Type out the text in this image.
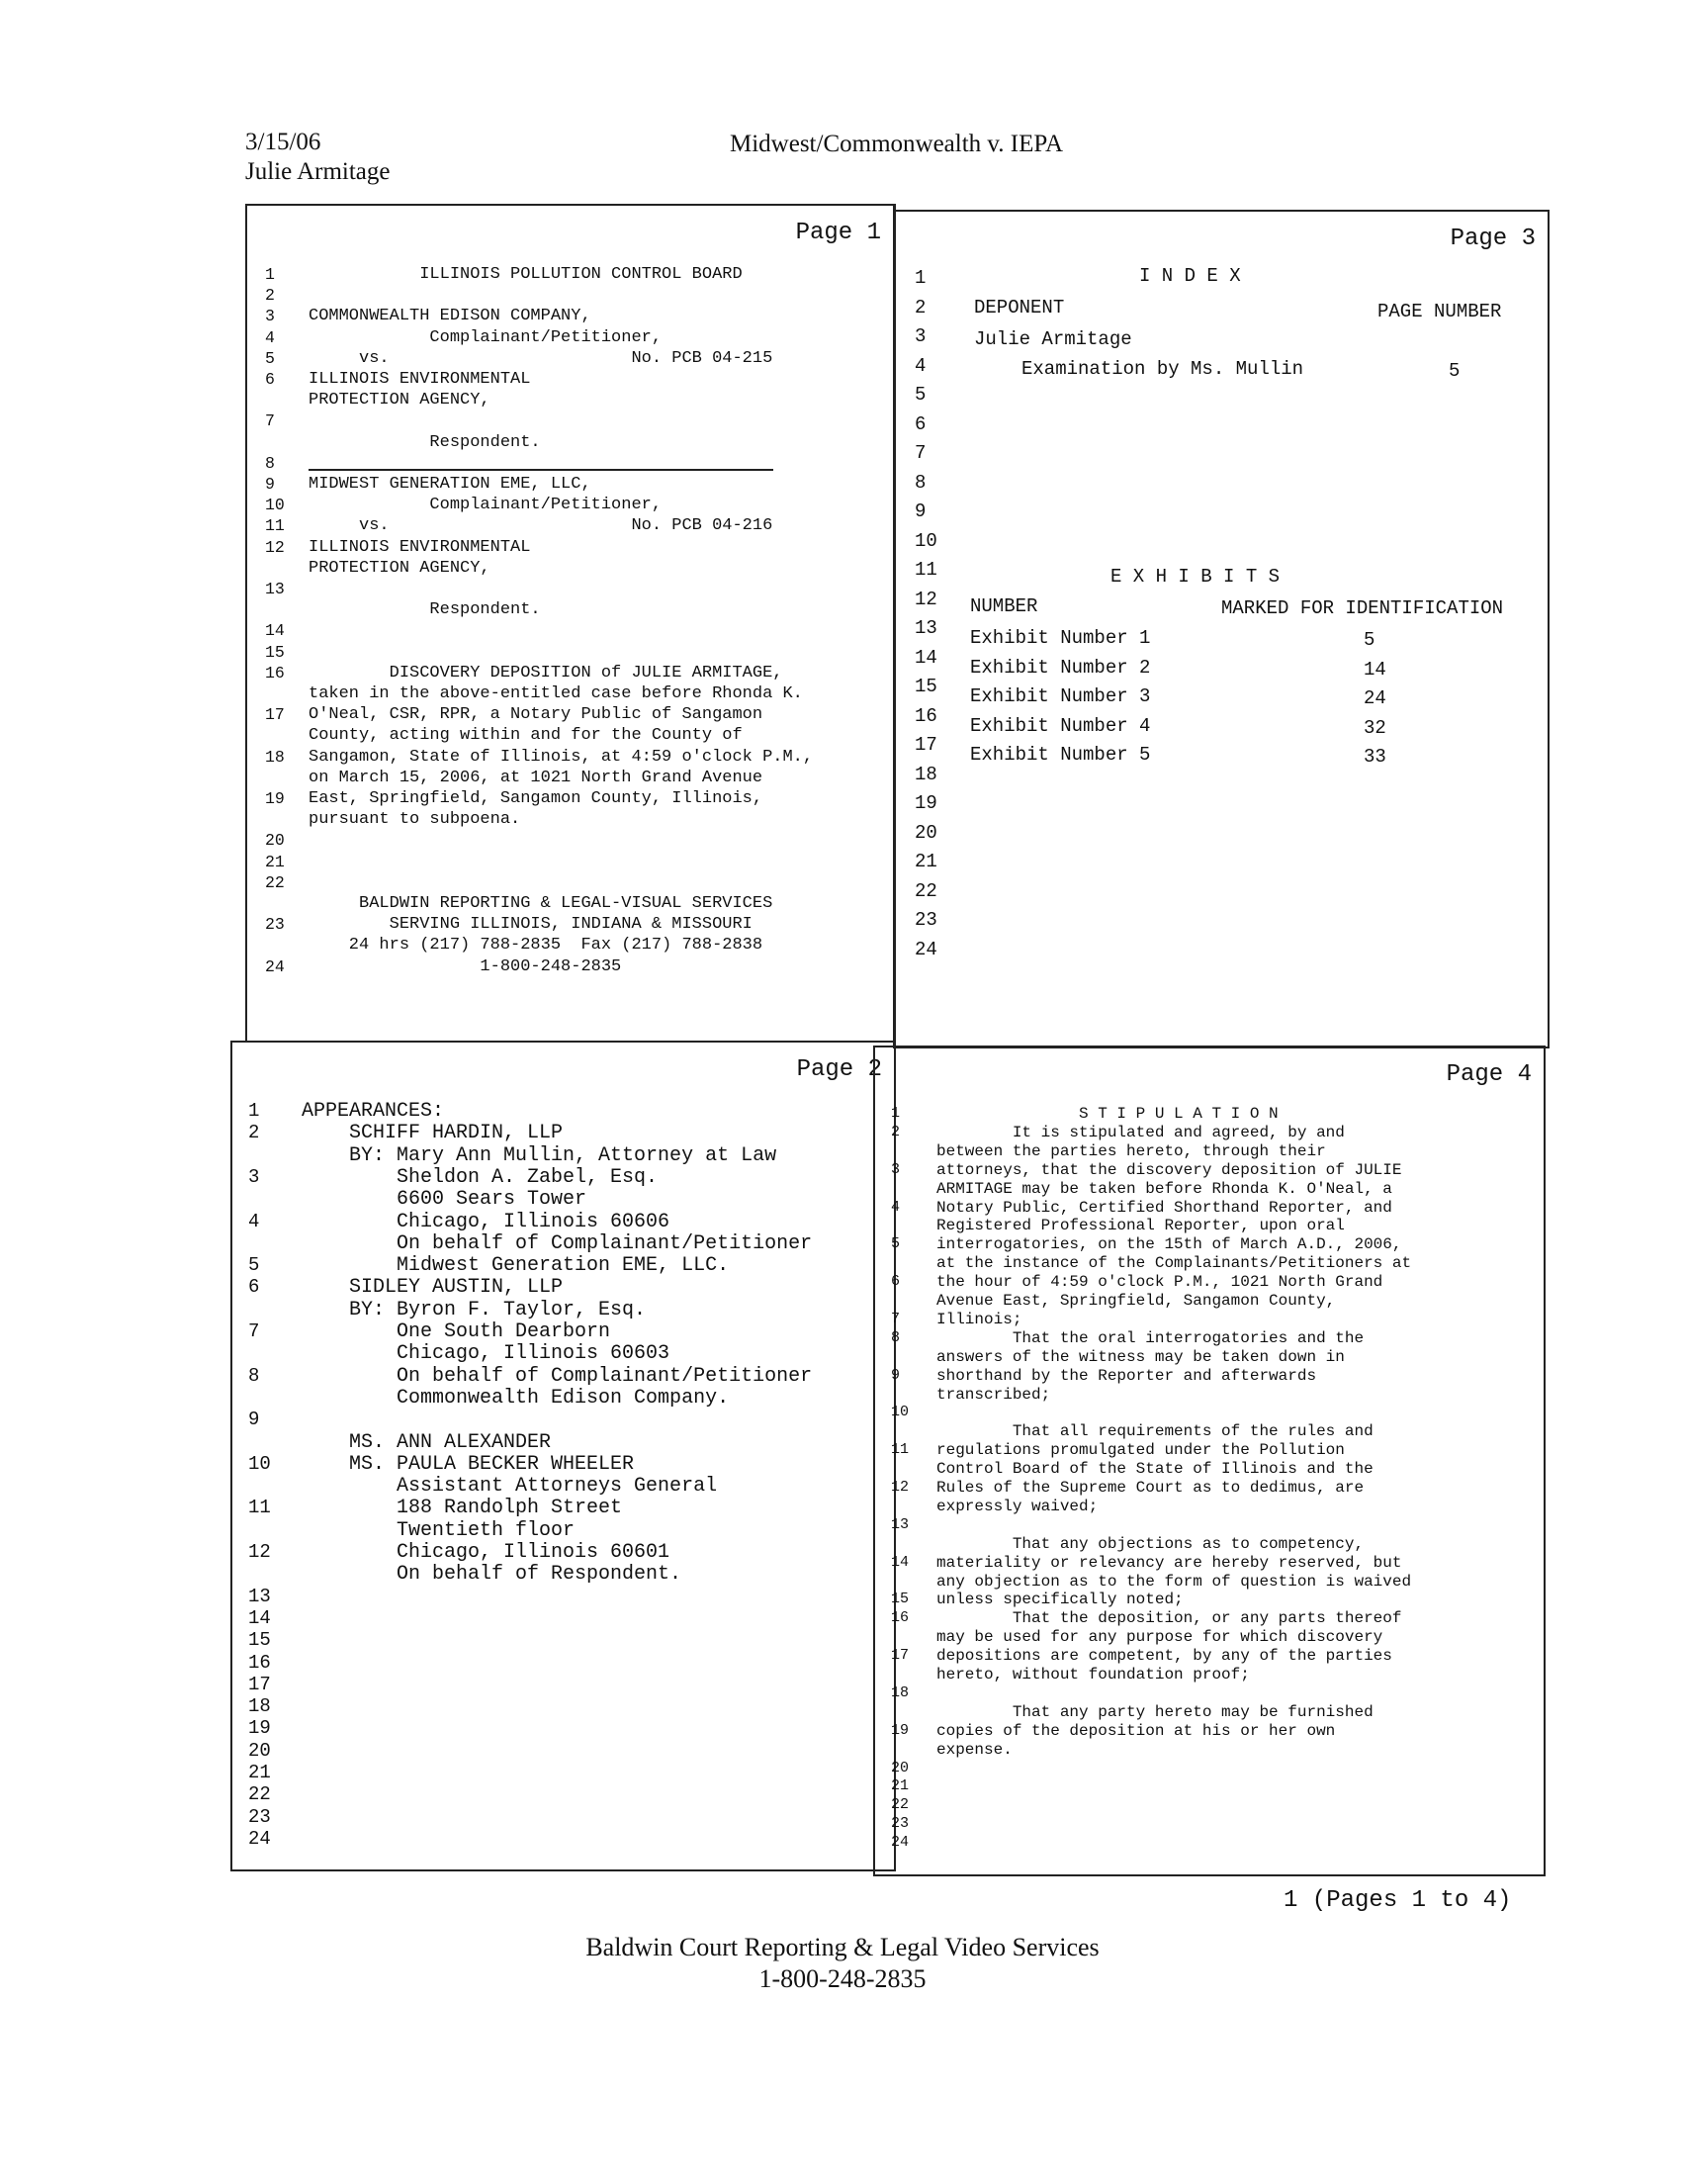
3/15/06
Julie Armitage
Midwest/Commonwealth v. IEPA
Page 1
1 ILLINOIS POLLUTION CONTROL BOARD
2
3 COMMONWEALTH EDISON COMPANY,
4 Complainant/Petitioner,
5 vs.                        No. PCB 04-215
6 ILLINOIS ENVIRONMENTAL
PROTECTION AGENCY,
7
Respondent.
8
9 MIDWEST GENERATION EME, LLC,
10 Complainant/Petitioner,
11 vs.                        No. PCB 04-216
12 ILLINOIS ENVIRONMENTAL
PROTECTION AGENCY,
13
Respondent.
14
15
16 DISCOVERY DEPOSITION of JULIE ARMITAGE,
taken in the above-entitled case before Rhonda K.
17 O'Neal, CSR, RPR, a Notary Public of Sangamon
County, acting within and for the County of
18 Sangamon, State of Illinois, at 4:59 o'clock P.M.,
on March 15, 2006, at 1021 North Grand Avenue
19 East, Springfield, Sangamon County, Illinois,
pursuant to subpoena.
20
21
22
BALDWIN REPORTING & LEGAL-VISUAL SERVICES
23 SERVING ILLINOIS, INDIANA & MISSOURI
24 hrs (217) 788-2835  Fax (217) 788-2838
24 1-800-248-2835
Page 3
1
2
3
4
5
6
7
8
9
10
11
12
13
14
15
16
17
18
19
20
21
22
23
24
I N D E X
DEPONENT	PAGE NUMBER
Julie Armitage
Examination by Ms. Mullin	5
E X H I B I T S
NUMBER	MARKED FOR IDENTIFICATION
Exhibit Number 1	5
Exhibit Number 2	14
Exhibit Number 3	24
Exhibit Number 4	32
Exhibit Number 5	33
Page 2
1 APPEARANCES:
2 SCHIFF HARDIN, LLP
BY: Mary Ann Mullin, Attorney at Law
3 Sheldon A. Zabel, Esq.
6600 Sears Tower
4 Chicago, Illinois 60606
On behalf of Complainant/Petitioner
5 Midwest Generation EME, LLC.
6 SIDLEY AUSTIN, LLP
BY: Byron F. Taylor, Esq.
7 One South Dearborn
Chicago, Illinois 60603
8 On behalf of Complainant/Petitioner
Commonwealth Edison Company.
9
MS. ANN ALEXANDER
10 MS. PAULA BECKER WHEELER
Assistant Attorneys General
11 188 Randolph Street
Twentieth floor
12 Chicago, Illinois 60601
On behalf of Respondent.
13
14
15
16
17
18
19
20
21
22
23
24
Page 4
1 S T I P U L A T I O N
2 It is stipulated and agreed, by and
between the parties hereto, through their
3 attorneys, that the discovery deposition of JULIE
ARMITAGE may be taken before Rhonda K. O'Neal, a
4 Notary Public, Certified Shorthand Reporter, and
Registered Professional Reporter, upon oral
5 interrogatories, on the 15th of March A.D., 2006,
at the instance of the Complainants/Petitioners at
6 the hour of 4:59 o'clock P.M., 1021 North Grand
Avenue East, Springfield, Sangamon County,
7 Illinois;
8 That the oral interrogatories and the
answers of the witness may be taken down in
9 shorthand by the Reporter and afterwards
transcribed;
10
That all requirements of the rules and
11 regulations promulgated under the Pollution
Control Board of the State of Illinois and the
12 Rules of the Supreme Court as to dedimus, are
expressly waived;
13
That any objections as to competency,
14 materiality or relevancy are hereby reserved, but
any objection as to the form of question is waived
15 unless specifically noted;
16 That the deposition, or any parts thereof
may be used for any purpose for which discovery
17 depositions are competent, by any of the parties
hereto, without foundation proof;
18
That any party hereto may be furnished
19 copies of the deposition at his or her own
expense.
20
21
22
23
24
1 (Pages 1 to 4)
Baldwin Court Reporting & Legal Video Services
1-800-248-2835
